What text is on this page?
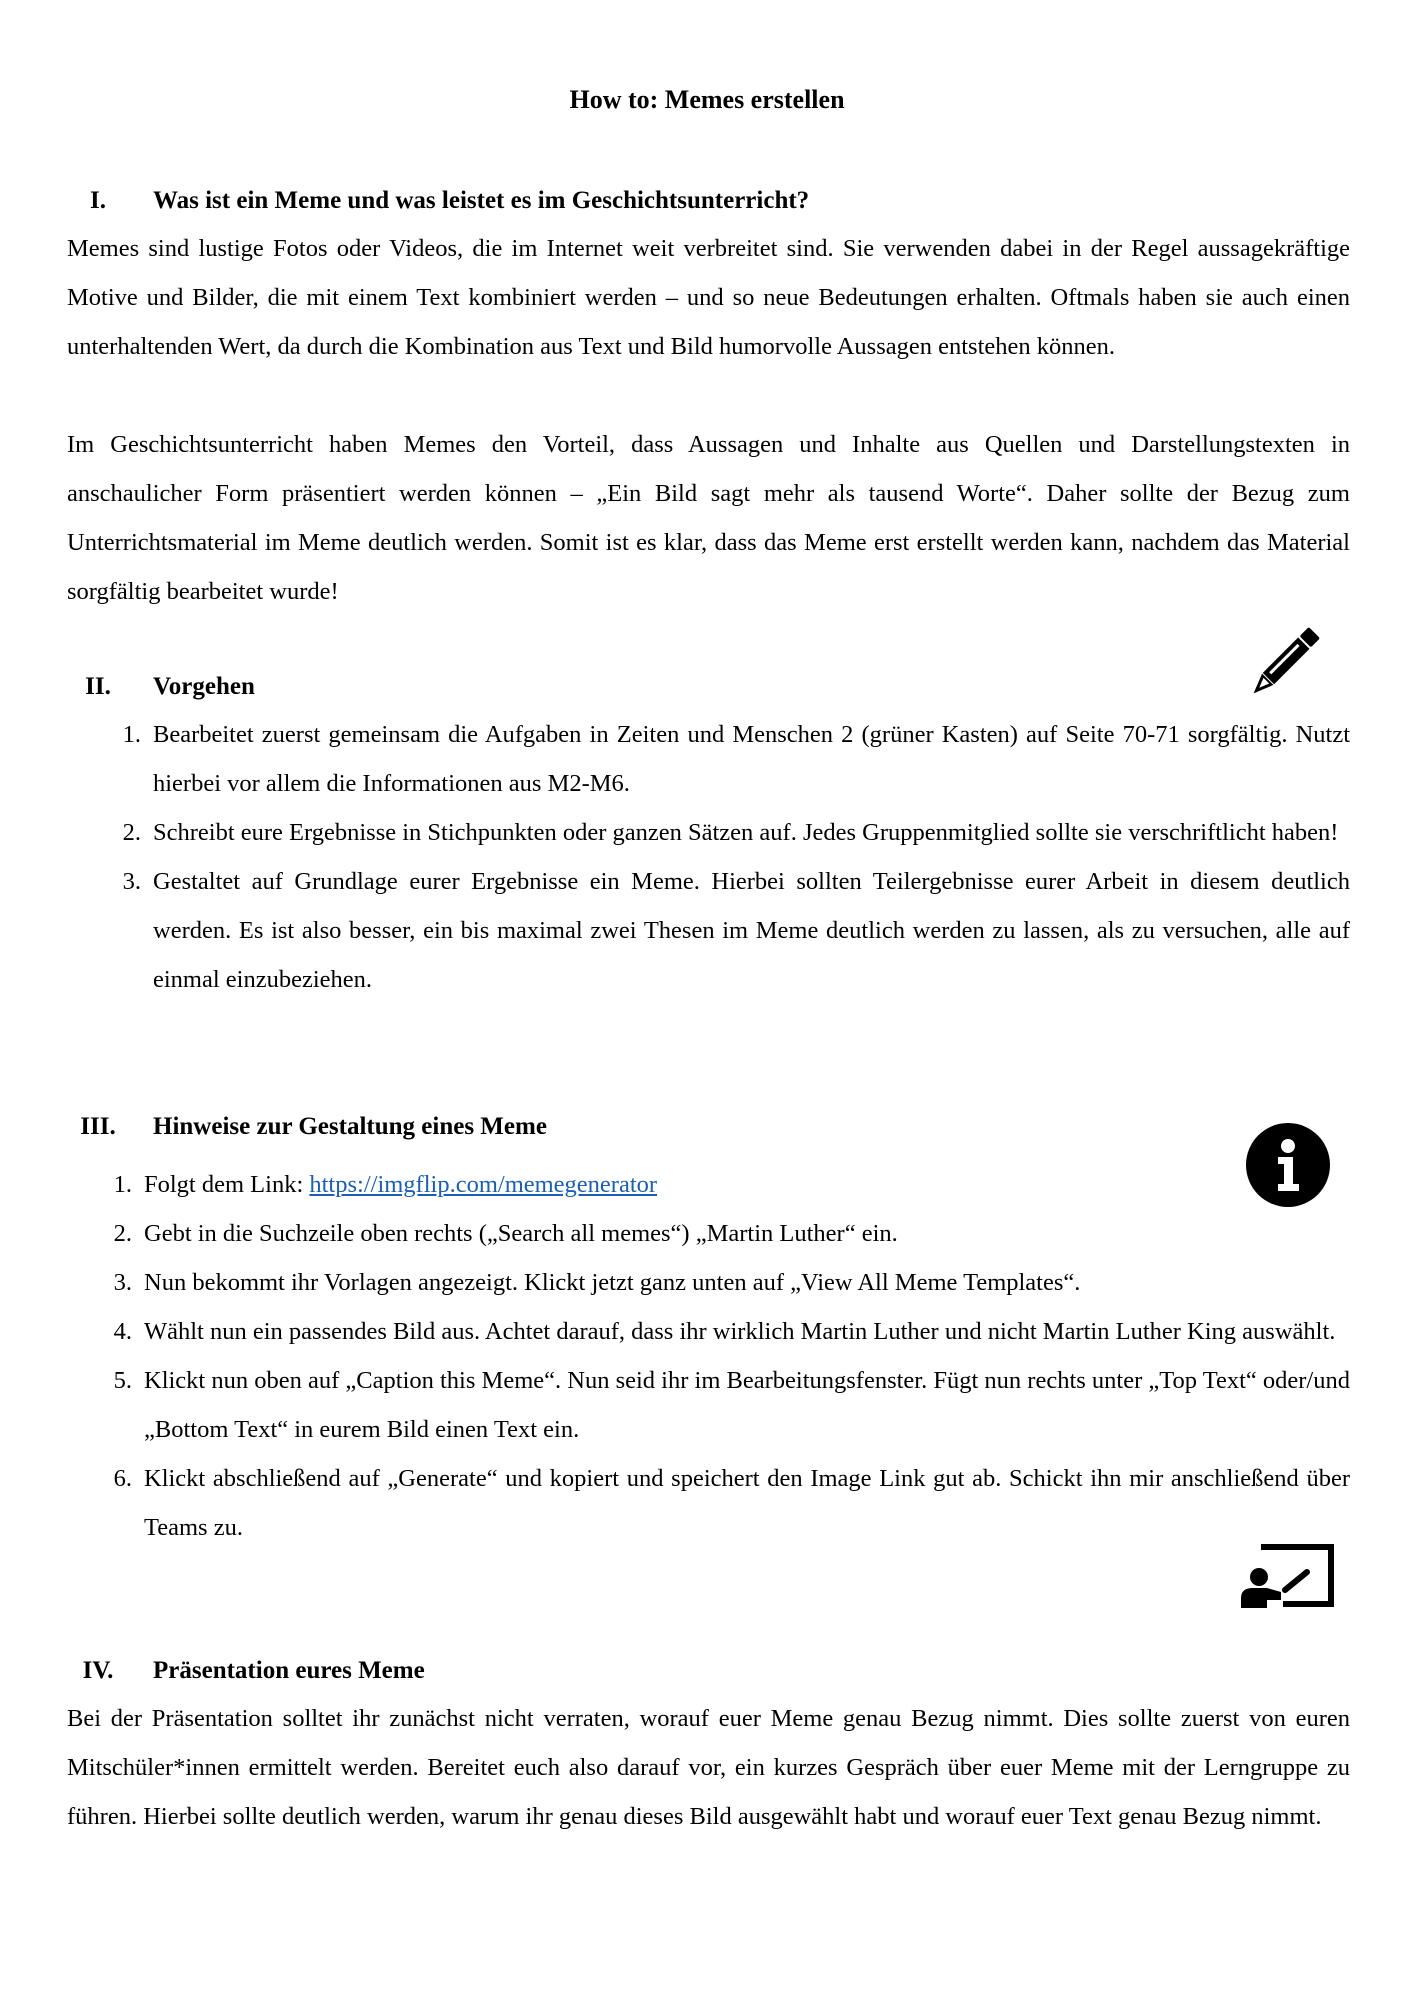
How to: Memes erstellen
I.	Was ist ein Meme und was leistet es im Geschichtsunterricht?

Memes sind lustige Fotos oder Videos, die im Internet weit verbreitet sind. Sie verwenden dabei in der Regel aussagekräftige Motive und Bilder, die mit einem Text kombiniert werden – und so neue Bedeutungen erhalten. Oftmals haben sie auch einen unterhaltenden Wert, da durch die Kombination aus Text und Bild humorvolle Aussagen entstehen können.

Im Geschichtsunterricht haben Memes den Vorteil, dass Aussagen und Inhalte aus Quellen und Darstellungstexten in anschaulicher Form präsentiert werden können – „Ein Bild sagt mehr als tausend Worte“. Daher sollte der Bezug zum Unterrichtsmaterial im Meme deutlich werden. Somit ist es klar, dass das Meme erst erstellt werden kann, nachdem das Material sorgfältig bearbeitet wurde!

II.	Vorgehen
1. Bearbeitet zuerst gemeinsam die Aufgaben in Zeiten und Menschen 2 (grüner Kasten) auf Seite 70-71 sorgfältig. Nutzt hierbei vor allem die Informationen aus M2-M6.
2. Schreibt eure Ergebnisse in Stichpunkten oder ganzen Sätzen auf. Jedes Gruppenmitglied sollte sie verschriftlicht haben!
3. Gestaltet auf Grundlage eurer Ergebnisse ein Meme. Hierbei sollten Teilergebnisse eurer Arbeit in diesem deutlich werden. Es ist also besser, ein bis maximal zwei Thesen im Meme deutlich werden zu lassen, als zu versuchen, alle auf einmal einzubeziehen.
III.	Hinweise zur Gestaltung eines Meme
1. Folgt dem Link: https://imgflip.com/memegenerator
2. Gebt in die Suchzeile oben rechts („Search all memes“) „Martin Luther“ ein.
3. Nun bekommt ihr Vorlagen angezeigt. Klickt jetzt ganz unten auf „View All Meme Templates“.
4. Wählt nun ein passendes Bild aus. Achtet darauf, dass ihr wirklich Martin Luther und nicht Martin Luther King auswählt.
5. Klickt nun oben auf „Caption this Meme“. Nun seid ihr im Bearbeitungsfenster. Fügt nun rechts unter „Top Text“ oder/und „Bottom Text“ in eurem Bild einen Text ein.
6. Klickt abschließend auf „Generate“ und kopiert und speichert den Image Link gut ab. Schickt ihn mir anschließend über Teams zu.
IV.	Präsentation eures Meme

Bei der Präsentation solltet ihr zunächst nicht verraten, worauf euer Meme genau Bezug nimmt. Dies sollte zuerst von euren Mitschüler*innen ermittelt werden. Bereitet euch also darauf vor, ein kurzes Gespräch über euer Meme mit der Lerngruppe zu führen. Hierbei sollte deutlich werden, warum ihr genau dieses Bild ausgewählt habt und worauf euer Text genau Bezug nimmt.
